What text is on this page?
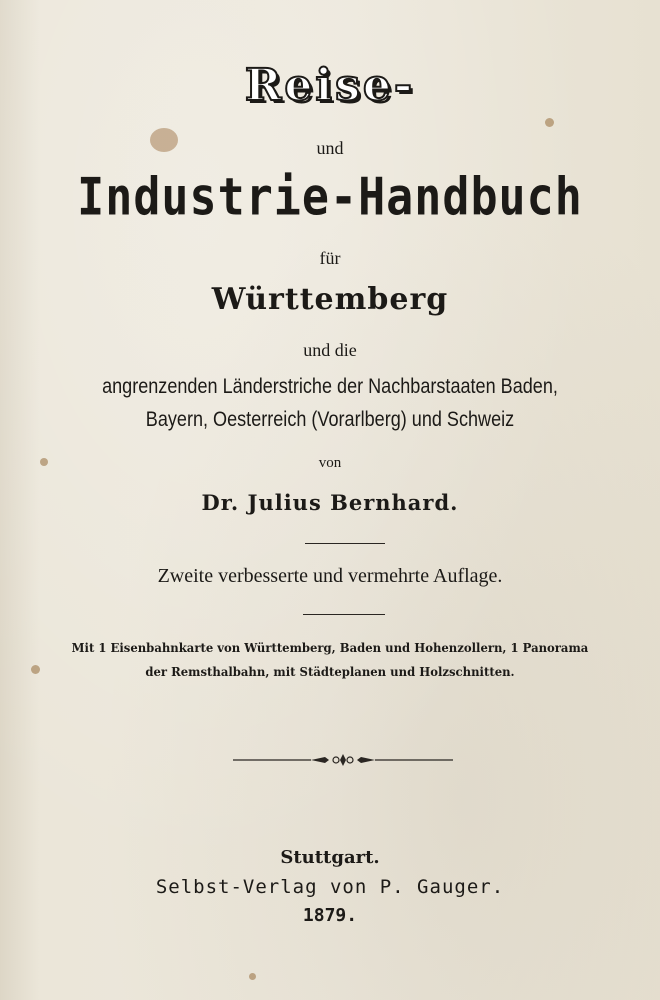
Reise-
und
Industrie-Handbuch
für
Württemberg
und die
angrenzenden Länderstriche der Nachbarstaaten Baden,
Bayern, Oesterreich (Vorarlberg) und Schweiz
von
Dr. Julius Bernhard.
Zweite verbesserte und vermehrte Auflage.
Mit 1 Eisenbahnkarte von Württemberg, Baden und Hohenzollern, 1 Panorama
der Remsthalbahn, mit Städteplanen und Holzschnitten.
Stuttgart.
Selbst-Verlag von P. Gauger.
1879.
